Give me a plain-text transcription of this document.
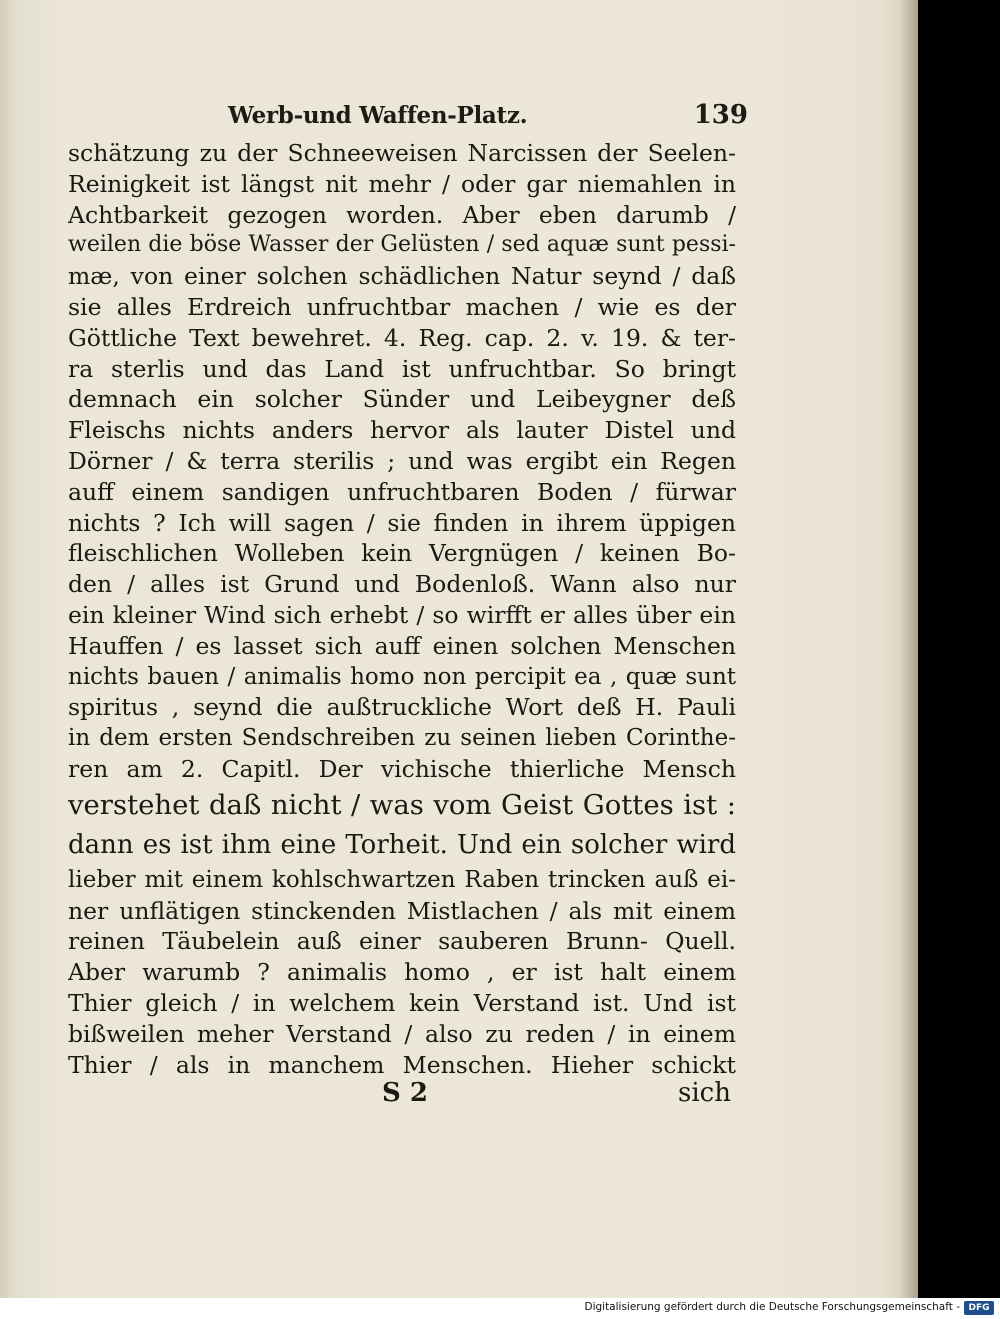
Werb-und Waffen-Platz.	139
schätzung zu der Schneeweisen Narcissen der Seelen-
Reinigkeit ist längst nit mehr / oder gar niemahlen in
Achtbarkeit gezogen worden. Aber eben darumb /
weilen die böse Wasser der Gelüsten / sed aquæ sunt pessi-
mæ, von einer solchen schädlichen Natur seynd / daß
sie alles Erdreich unfruchtbar machen / wie es der
Göttliche Text bewehret. 4. Reg. cap. 2. v. 19. & ter-
ra sterlis und das Land ist unfruchtbar. So bringt
demnach ein solcher Sünder und Leibeygner deß
Fleischs nichts anders hervor als lauter Distel und
Dörner / & terra sterilis ; und was ergibt ein Regen
auff einem sandigen unfruchtbaren Boden / fürwar
nichts ? Ich will sagen / sie finden in ihrem üppigen
fleischlichen Wolleben kein Vergnügen / keinen Bo-
den / alles ist Grund und Bodenloß. Wann also nur
ein kleiner Wind sich erhebt / so wirfft er alles über ein
Hauffen / es lasset sich auff einen solchen Menschen
nichts bauen / animalis homo non percipit ea , quæ sunt
spiritus , seynd die außtruckliche Wort deß H. Pauli
in dem ersten Sendschreiben zu seinen lieben Corinthe-
ren am 2. Capitl. Der vichische thierliche Mensch
verstehet daß nicht / was vom Geist Gottes ist :
dann es ist ihm eine Torheit. Und ein solcher wird
lieber mit einem kohlschwartzen Raben trincken auß ei-
ner unflätigen stinckenden Mistlachen / als mit einem
reinen Täubelein auß einer sauberen Brunn- Quell.
Aber warumb ? animalis homo , er ist halt einem
Thier gleich / in welchem kein Verstand ist. Und ist
bißweilen meher Verstand / also zu reden / in einem
Thier / als in manchem Menschen. Hieher schickt
S 2	sich
Digitalisierung gefördert durch die Deutsche Forschungsgemeinschaft - DFG
